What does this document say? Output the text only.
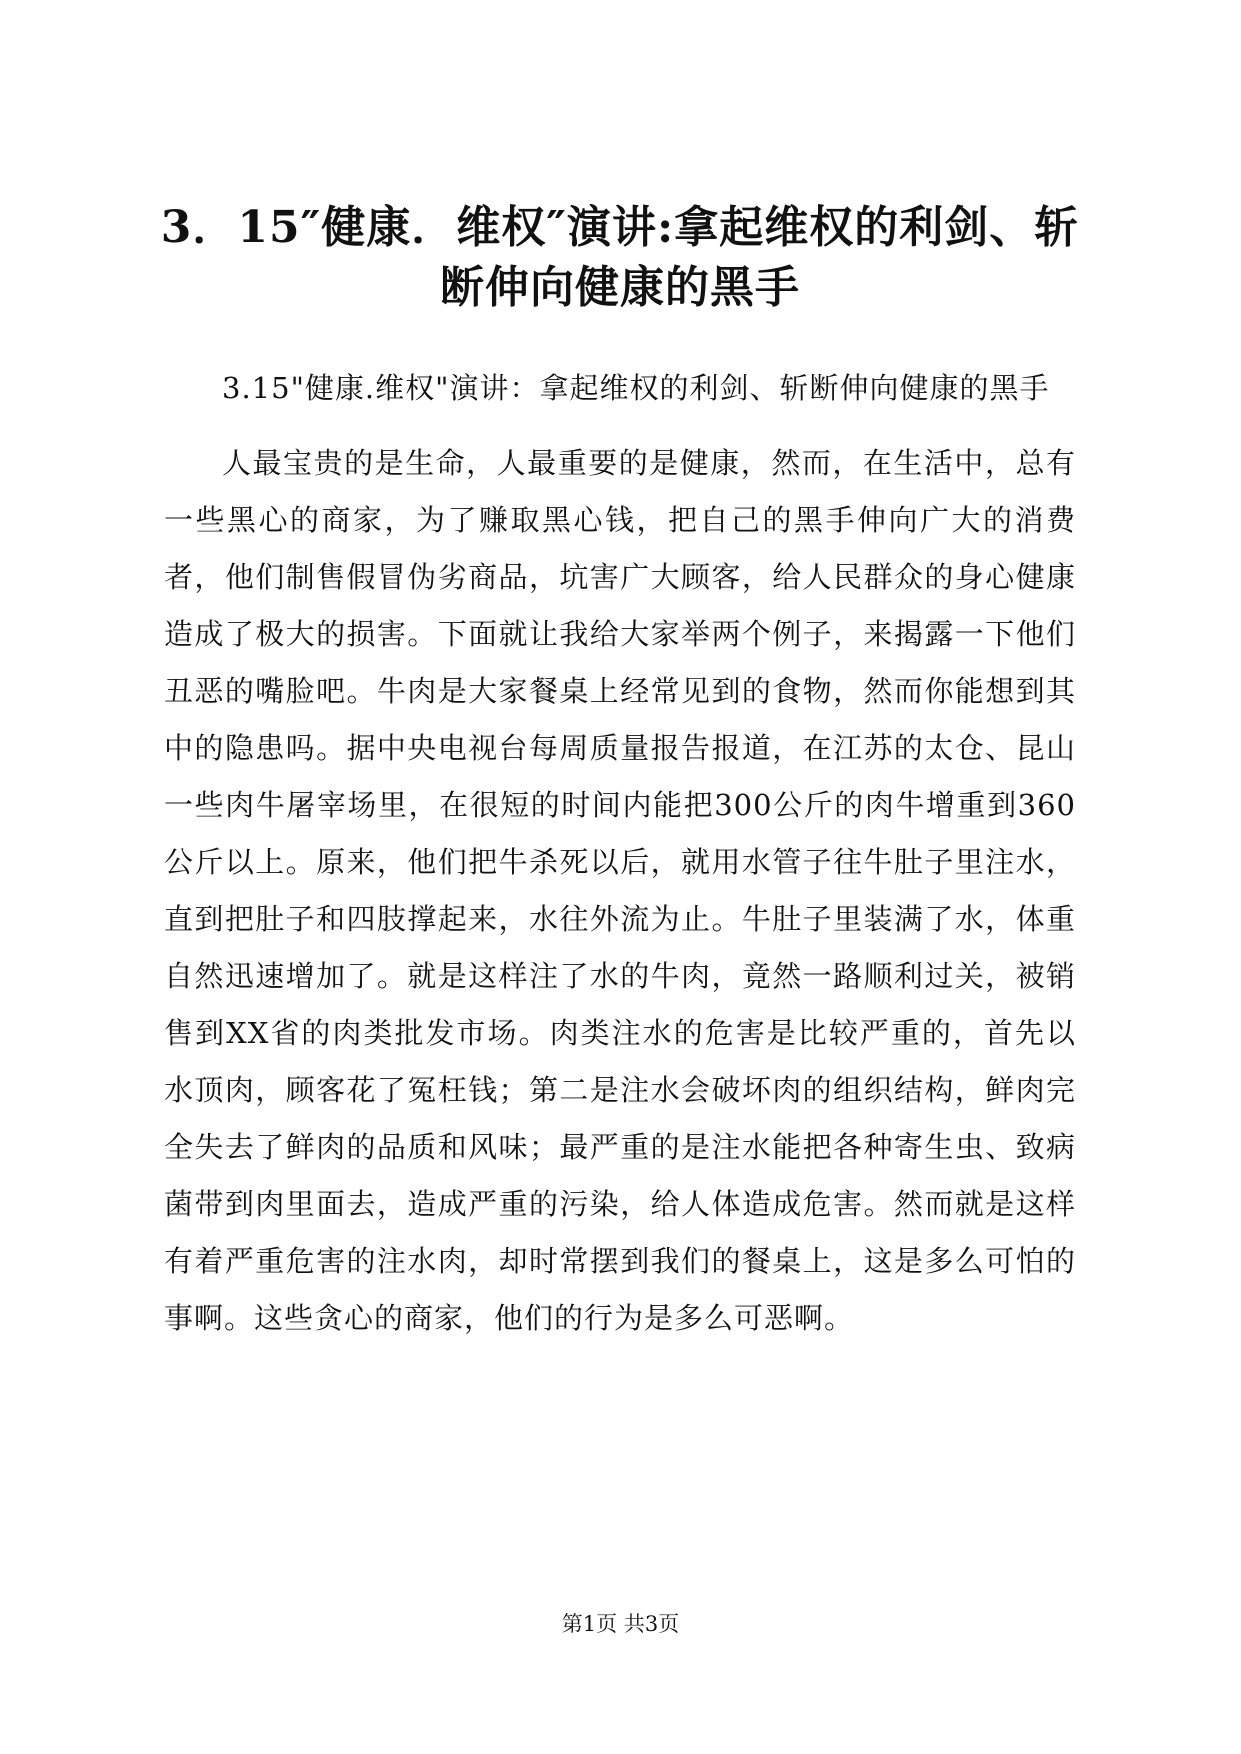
3．15″健康．维权″演讲:拿起维权的利剑、斩断伸向健康的黑手

3.15"健康.维权"演讲：拿起维权的利剑、斩断伸向健康的黑手

人最宝贵的是生命，人最重要的是健康，然而，在生活中，总有一些黑心的商家，为了赚取黑心钱，把自己的黑手伸向广大的消费者，他们制售假冒伪劣商品，坑害广大顾客，给人民群众的身心健康造成了极大的损害。下面就让我给大家举两个例子，来揭露一下他们丑恶的嘴脸吧。牛肉是大家餐桌上经常见到的食物，然而你能想到其中的隐患吗。据中央电视台每周质量报告报道，在江苏的太仓、昆山一些肉牛屠宰场里，在很短的时间内能把300公斤的肉牛增重到360公斤以上。原来，他们把牛杀死以后，就用水管子往牛肚子里注水，直到把肚子和四肢撑起来，水往外流为止。牛肚子里装满了水，体重自然迅速增加了。就是这样注了水的牛肉，竟然一路顺利过关，被销售到XX省的肉类批发市场。肉类注水的危害是比较严重的，首先以水顶肉，顾客花了冤枉钱；第二是注水会破坏肉的组织结构，鲜肉完全失去了鲜肉的品质和风味；最严重的是注水能把各种寄生虫、致病菌带到肉里面去，造成严重的污染，给人体造成危害。然而就是这样有着严重危害的注水肉，却时常摆到我们的餐桌上，这是多么可怕的事啊。这些贪心的商家，他们的行为是多么可恶啊。

第1页 共3页
